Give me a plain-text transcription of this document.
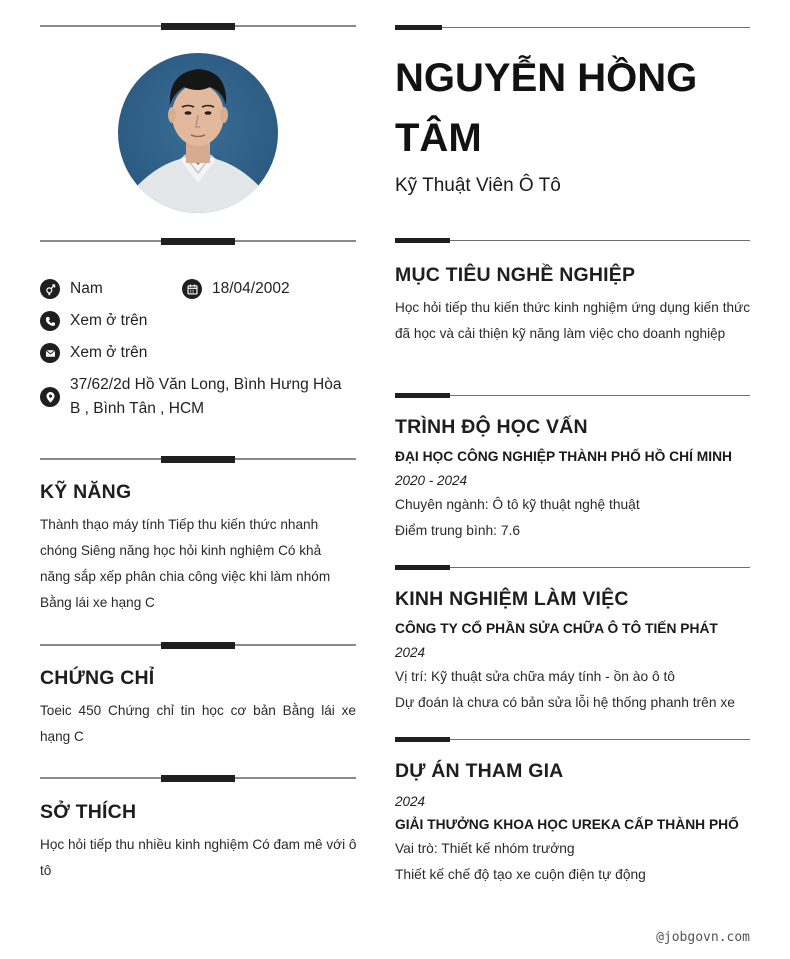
Nam	18/04/2002
Xem ở trên
Xem ở trên
37/62/2d Hồ Văn Long, Bình Hưng Hòa B , Bình Tân , HCM
KỸ NĂNG

Thành thạo máy tính Tiếp thu kiến thức nhanh chóng Siêng năng học hỏi kinh nghiệm Có khả năng sắp xếp phân chia công việc khi làm nhóm Bằng lái xe hạng C

CHỨNG CHỈ

Toeic 450 Chứng chỉ tin học cơ bản Bằng lái xe hạng C

SỞ THÍCH

Học hỏi tiếp thu nhiều kinh nghiệm Có đam mê với ô tô

NGUYỄN HỒNG TÂM
Kỹ Thuật Viên Ô Tô
MỤC TIÊU NGHỀ NGHIỆP

Học hỏi tiếp thu kiến thức kinh nghiệm ứng dụng kiến thức đã học và cải thiện kỹ năng làm việc cho doanh nghiệp

TRÌNH ĐỘ HỌC VẤN
ĐẠI HỌC CÔNG NGHIỆP THÀNH PHỐ HỒ CHÍ MINH
2020 - 2024
Chuyên ngành: Ô tô kỹ thuật nghệ thuật
Điểm trung bình: 7.6
KINH NGHIỆM LÀM VIỆC
CÔNG TY CỔ PHẦN SỬA CHỮA Ô TÔ TIẾN PHÁT
2024
Vị trí: Kỹ thuật sửa chữa máy tính - ồn ào ô tô
Dự đoán là chưa có bản sửa lỗi hệ thống phanh trên xe
DỰ ÁN THAM GIA
2024
GIẢI THƯỞNG KHOA HỌC UREKA CẤP THÀNH PHỐ
Vai trò: Thiết kế nhóm trưởng
Thiết kế chế độ tạo xe cuộn điện tự động
@jobgovn.com
